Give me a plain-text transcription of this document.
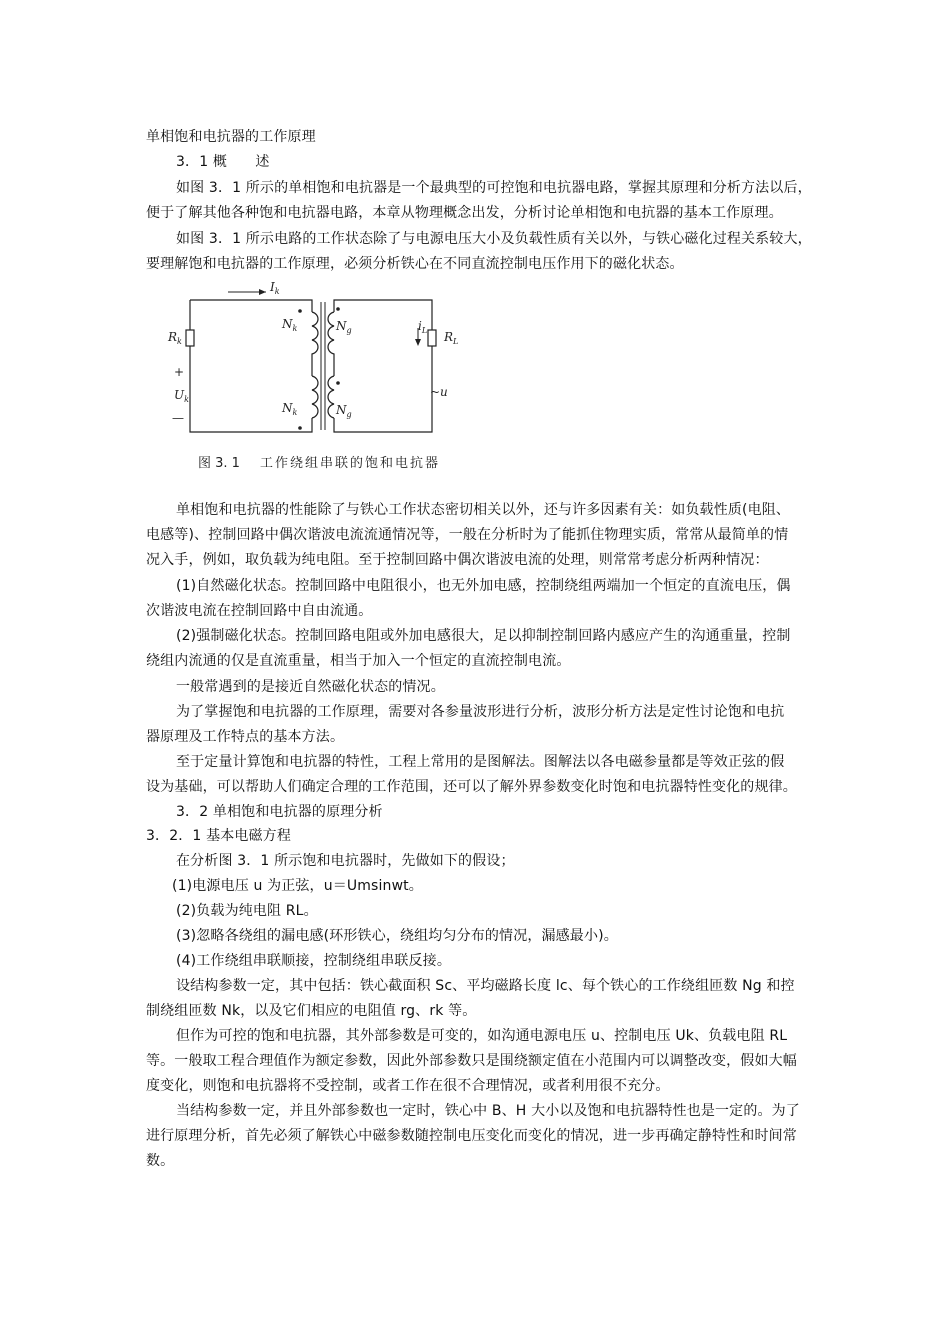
单相饱和电抗器的工作原理
3．1 概　　述
如图 3．1 所示的单相饱和电抗器是一个最典型的可控饱和电抗器电路，掌握其原理和分析方法以后，
便于了解其他各种饱和电抗器电路，本章从物理概念出发，分析讨论单相饱和电抗器的基本工作原理。
如图 3．1 所示电路的工作状态除了与电源电压大小及负载性质有关以外，与铁心磁化过程关系较大，
要理解饱和电抗器的工作原理，必须分析铁心在不同直流控制电压作用下的磁化状态。
$I_k$
$R_k$
+
$U_k$
—
$N_k$	$N_g$
$N_k$	$N_g$
$i_L$ $R_L$
~u
图 3. 1 工作绕组串联的饱和电抗器
单相饱和电抗器的性能除了与铁心工作状态密切相关以外，还与许多因素有关：如负载性质(电阻、
电感等)、控制回路中偶次谐波电流流通情况等，一般在分析时为了能抓住物理实质，常常从最简单的情
况入手，例如，取负载为纯电阻。至于控制回路中偶次谐波电流的处理，则常常考虑分析两种情况：
(1)自然磁化状态。控制回路中电阻很小，也无外加电感，控制绕组两端加一个恒定的直流电压，偶
次谐波电流在控制回路中自由流通。
(2)强制磁化状态。控制回路电阻或外加电感很大，足以抑制控制回路内感应产生的沟通重量，控制
绕组内流通的仅是直流重量，相当于加入一个恒定的直流控制电流。
一般常遇到的是接近自然磁化状态的情况。
为了掌握饱和电抗器的工作原理，需要对各参量波形进行分析，波形分析方法是定性讨论饱和电抗
器原理及工作特点的基本方法。
至于定量计算饱和电抗器的特性，工程上常用的是图解法。图解法以各电磁参量都是等效正弦的假
设为基础，可以帮助人们确定合理的工作范围，还可以了解外界参数变化时饱和电抗器特性变化的规律。
3．2 单相饱和电抗器的原理分析
3．2．1 基本电磁方程
在分析图 3．1 所示饱和电抗器时，先做如下的假设；
(1)电源电压 u 为正弦，u＝Umsinwt。
(2)负载为纯电阻 RL。
(3)忽略各绕组的漏电感(环形铁心，绕组均匀分布的情况，漏感最小)。
(4)工作绕组串联顺接，控制绕组串联反接。
设结构参数一定，其中包括：铁心截面积 Sc、平均磁路长度 lc、每个铁心的工作绕组匝数 Ng 和控
制绕组匝数 Nk，以及它们相应的电阻值 rg、rk 等。
但作为可控的饱和电抗器，其外部参数是可变的，如沟通电源电压 u、控制电压 Uk、负载电阻 RL
等。一般取工程合理值作为额定参数，因此外部参数只是围绕额定值在小范围内可以调整改变，假如大幅
度变化，则饱和电抗器将不受控制，或者工作在很不合理情况，或者利用很不充分。
当结构参数一定，并且外部参数也一定时，铁心中 B、H 大小以及饱和电抗器特性也是一定的。为了
进行原理分析，首先必须了解铁心中磁参数随控制电压变化而变化的情况，进一步再确定静特性和时间常
数。
